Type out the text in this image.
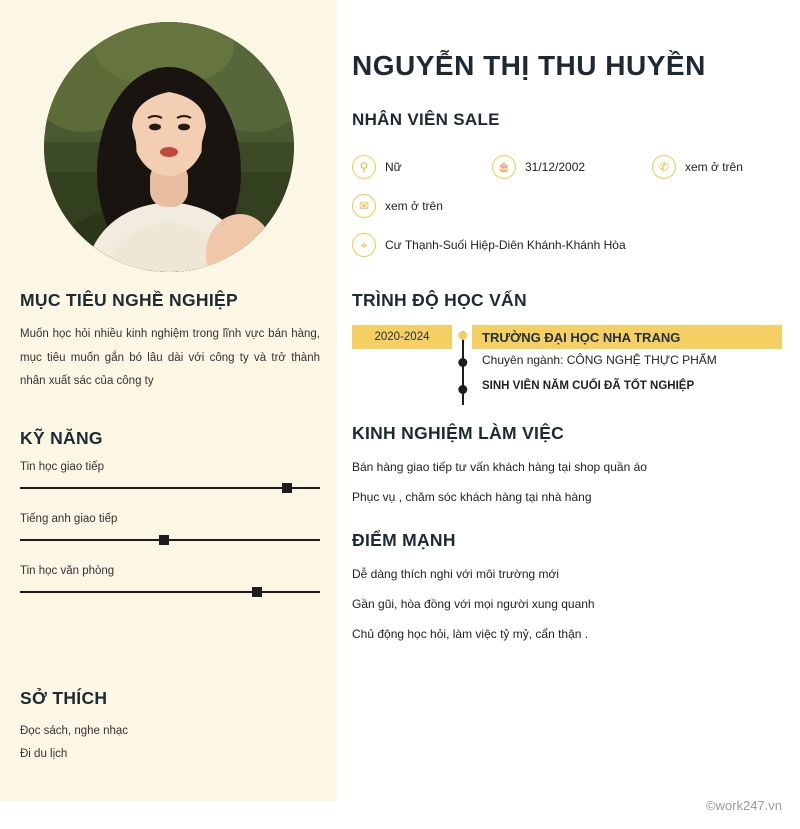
MỤC TIÊU NGHỀ NGHIỆP
Muốn học hỏi nhiều kinh nghiệm trong lĩnh vực bán hàng, mục tiêu muốn gắn bó lâu dài với công ty và trở thành nhân xuất sác của công ty
KỸ NĂNG
Tin học giao tiếp
Tiếng anh giao tiếp
Tin học văn phòng
SỞ THÍCH
Đọc sách, nghe nhạc
Đi du lịch
NGUYỄN THỊ THU HUYỀN
NHÂN VIÊN SALE
⚲	Nữ	🎂	31/12/2002	✆	xem ở trên
✉	xem ở trên
⌖	Cư Thạnh-Suối Hiệp-Diên Khánh-Khánh Hòa
TRÌNH ĐỘ HỌC VẤN
2020-2024	TRƯỜNG ĐẠI HỌC NHA TRANG
Chuyên ngành: CÔNG NGHỆ THỰC PHẨM
SINH VIÊN NĂM CUỐI ĐÃ TỐT NGHIỆP
KINH NGHIỆM LÀM VIỆC
Bán hàng giao tiếp tư vấn khách hàng tại shop quần áo
Phục vụ , chăm sóc khách hàng tại nhà hàng
ĐIỂM MẠNH
Dễ dàng thích nghi với môi trường mới
Gần gũi, hòa đồng với mọi người xung quanh
Chủ động học hỏi, làm việc tỷ mỷ, cẩn thận .
©work247.vn
